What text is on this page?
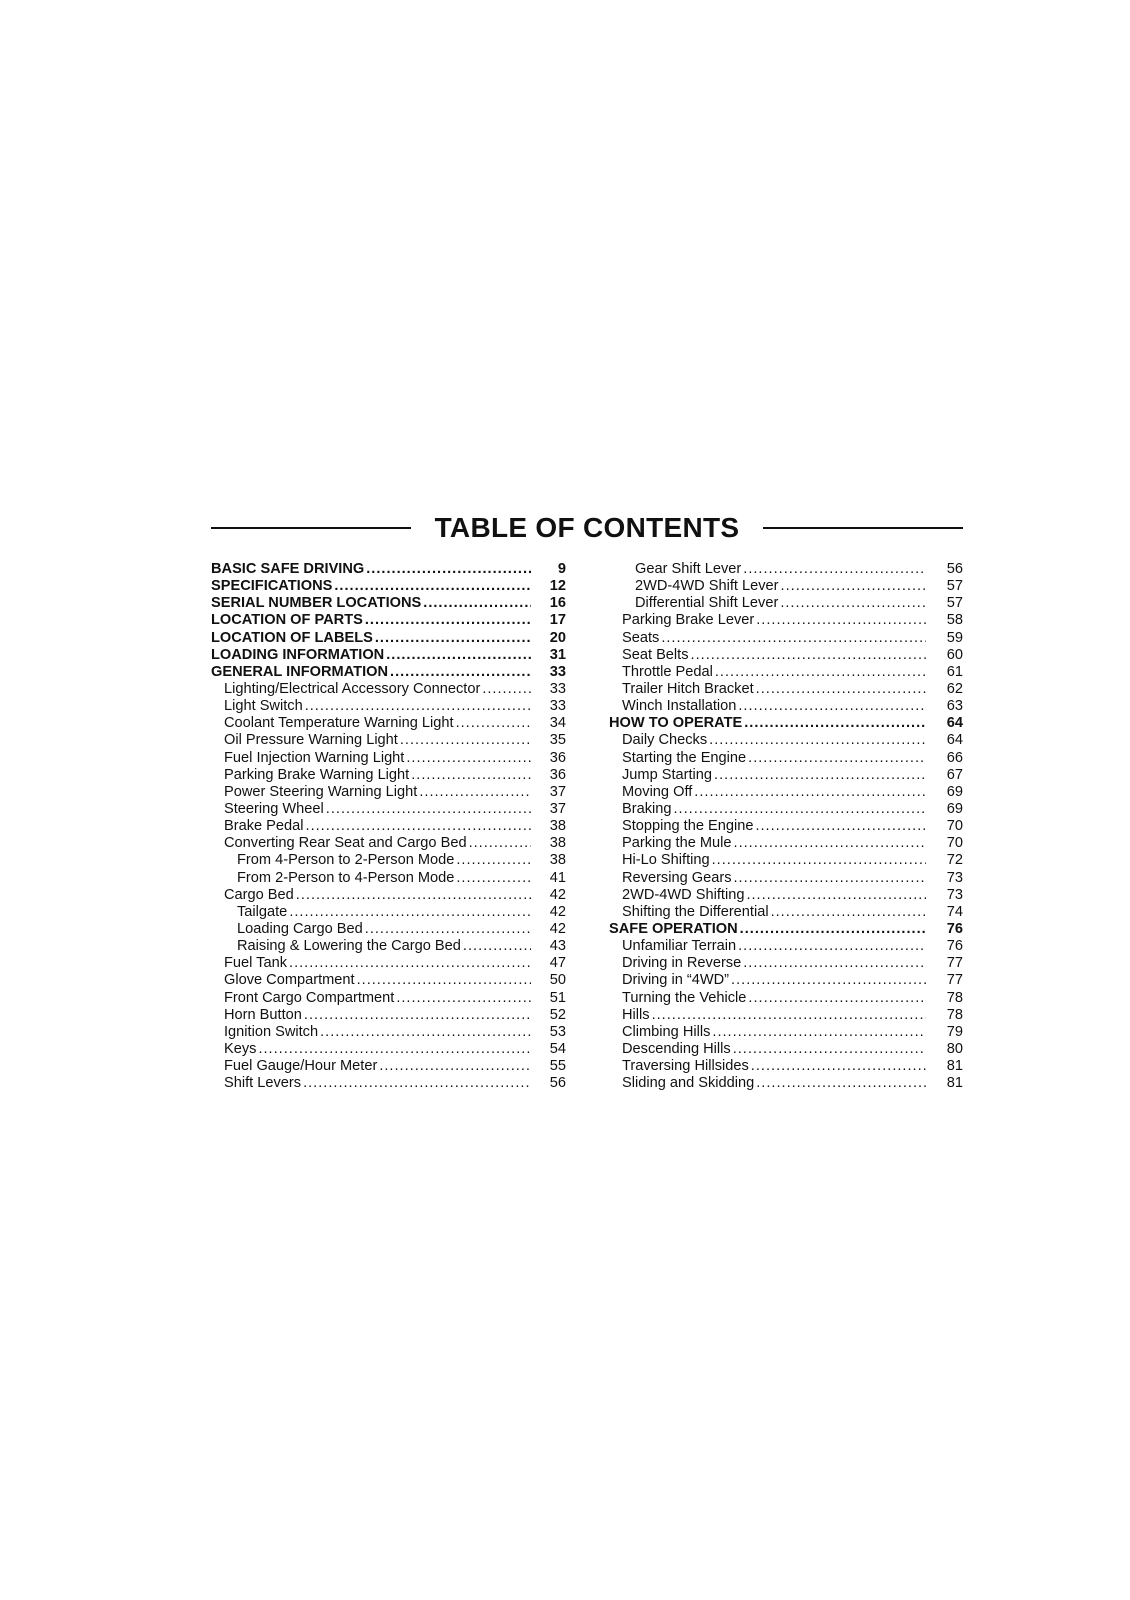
TABLE OF CONTENTS
BASIC SAFE DRIVING .....	9
SPECIFICATIONS .....	12
SERIAL NUMBER LOCATIONS .....	16
LOCATION OF PARTS .....	17
LOCATION OF LABELS .....	20
LOADING INFORMATION .....	31
GENERAL INFORMATION .....	33
Lighting/Electrical Accessory Connector .....	33
Light Switch .....	33
Coolant Temperature Warning Light .....	34
Oil Pressure Warning Light .....	35
Fuel Injection Warning Light .....	36
Parking Brake Warning Light .....	36
Power Steering Warning Light .....	37
Steering Wheel .....	37
Brake Pedal .....	38
Converting Rear Seat and Cargo Bed .....	38
From 4-Person to 2-Person Mode .....	38
From 2-Person to 4-Person Mode .....	41
Cargo Bed .....	42
Tailgate .....	42
Loading Cargo Bed .....	42
Raising & Lowering the Cargo Bed .....	43
Fuel Tank .....	47
Glove Compartment .....	50
Front Cargo Compartment .....	51
Horn Button .....	52
Ignition Switch .....	53
Keys .....	54
Fuel Gauge/Hour Meter .....	55
Shift Levers .....	56
Gear Shift Lever .....	56
2WD-4WD Shift Lever .....	57
Differential Shift Lever .....	57
Parking Brake Lever .....	58
Seats .....	59
Seat Belts .....	60
Throttle Pedal .....	61
Trailer Hitch Bracket .....	62
Winch Installation .....	63
HOW TO OPERATE .....	64
Daily Checks .....	64
Starting the Engine .....	66
Jump Starting .....	67
Moving Off .....	69
Braking .....	69
Stopping the Engine .....	70
Parking the Mule .....	70
Hi-Lo Shifting .....	72
Reversing Gears .....	73
2WD-4WD Shifting .....	73
Shifting the Differential .....	74
SAFE OPERATION .....	76
Unfamiliar Terrain .....	76
Driving in Reverse .....	77
Driving in “4WD” .....	77
Turning the Vehicle .....	78
Hills .....	78
Climbing Hills .....	79
Descending Hills .....	80
Traversing Hillsides .....	81
Sliding and Skidding .....	81
